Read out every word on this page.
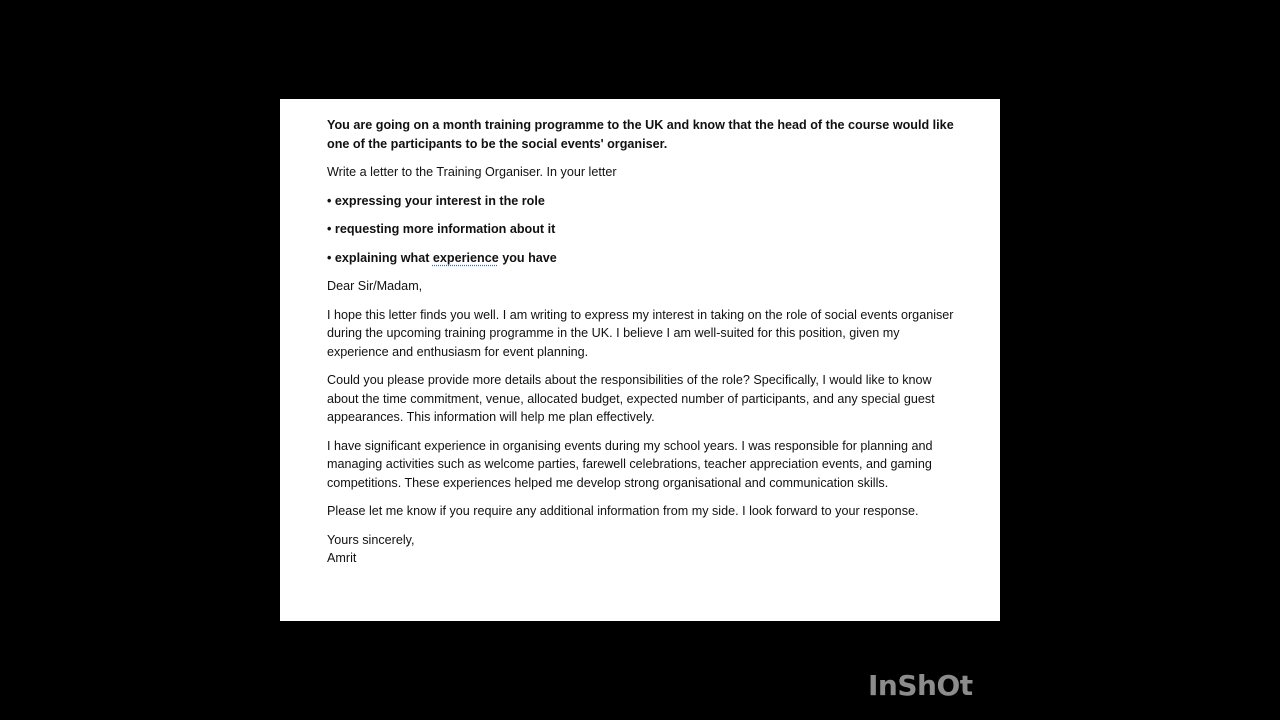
You are going on a month training programme to the UK and know that the head of the course would like one of the participants to be the social events' organiser.

Write a letter to the Training Organiser. In your letter

• expressing your interest in the role

• requesting more information about it

• explaining what experience you have

Dear Sir/Madam,

I hope this letter finds you well. I am writing to express my interest in taking on the role of social events organiser during the upcoming training programme in the UK. I believe I am well-suited for this position, given my experience and enthusiasm for event planning.

Could you please provide more details about the responsibilities of the role? Specifically, I would like to know about the time commitment, venue, allocated budget, expected number of participants, and any special guest appearances. This information will help me plan effectively.

I have significant experience in organising events during my school years. I was responsible for planning and managing activities such as welcome parties, farewell celebrations, teacher appreciation events, and gaming competitions. These experiences helped me develop strong organisational and communication skills.

Please let me know if you require any additional information from my side. I look forward to your response.

Yours sincerely,

Amrit

InShOt
